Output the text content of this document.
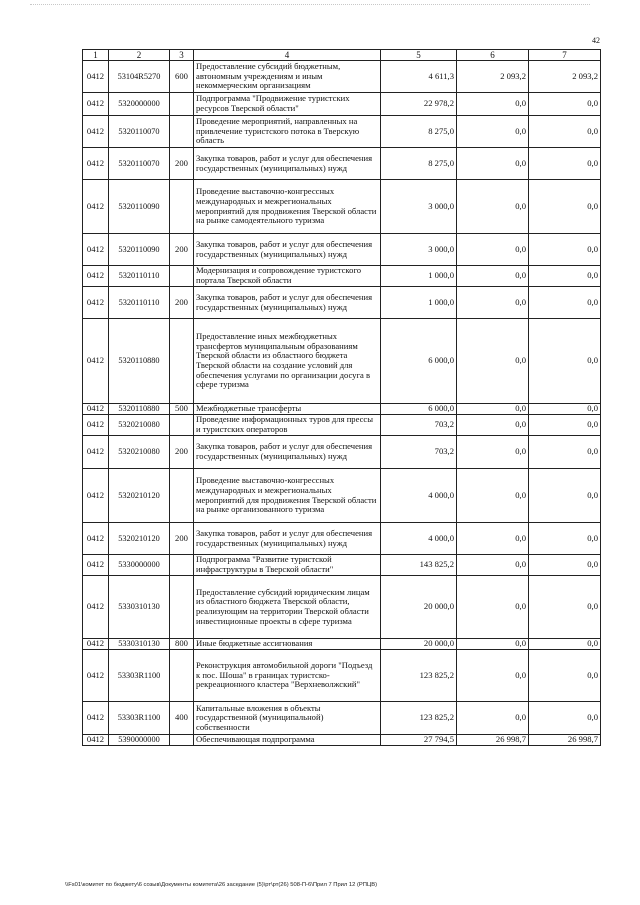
42
1	2	3	4	5	6	7
0412	53104R5270	600	Предоставление субсидий бюджетным, автономным учреждениям и иным некоммерческим организациям	4 611,3	2 093,2	2 093,2
0412	5320000000		Подпрограмма "Продвижение туристских ресурсов Тверской области"	22 978,2	0,0	0,0
0412	5320110070		Проведение мероприятий, направленных на привлечение туристского потока в Тверскую область	8 275,0	0,0	0,0
0412	5320110070	200	Закупка товаров, работ и услуг для обеспечения государственных (муниципальных) нужд	8 275,0	0,0	0,0
0412	5320110090		Проведение выставочно-конгрессных международных и межрегиональных мероприятий для продвижения Тверской области на рынке самодеятельного туризма	3 000,0	0,0	0,0
0412	5320110090	200	Закупка товаров, работ и услуг для обеспечения государственных (муниципальных) нужд	3 000,0	0,0	0,0
0412	5320110110		Модернизация и сопровождение туристского портала Тверской области	1 000,0	0,0	0,0
0412	5320110110	200	Закупка товаров, работ и услуг для обеспечения государственных (муниципальных) нужд	1 000,0	0,0	0,0
0412	5320110880		Предоставление иных межбюджетных трансфертов муниципальным образованиям Тверской области из областного бюджета Тверской области на создание условий для обеспечения услугами по организации досуга в сфере туризма	6 000,0	0,0	0,0
0412	5320110880	500	Межбюджетные трансферты	6 000,0	0,0	0,0
0412	5320210080		Проведение информационных туров для прессы и туристских операторов	703,2	0,0	0,0
0412	5320210080	200	Закупка товаров, работ и услуг для обеспечения государственных (муниципальных) нужд	703,2	0,0	0,0
0412	5320210120		Проведение выставочно-конгрессных международных и межрегиональных мероприятий для продвижения Тверской области на рынке организованного туризма	4 000,0	0,0	0,0
0412	5320210120	200	Закупка товаров, работ и услуг для обеспечения государственных (муниципальных) нужд	4 000,0	0,0	0,0
0412	5330000000		Подпрограмма "Развитие туристской инфраструктуры в Тверской области"	143 825,2	0,0	0,0
0412	5330310130		Предоставление субсидий юридическим лицам из областного бюджета Тверской области, реализующим на территории Тверской области инвестиционные проекты в сфере туризма	20 000,0	0,0	0,0
0412	5330310130	800	Иные бюджетные ассигнования	20 000,0	0,0	0,0
0412	53303R1100		Реконструкция автомобильной дороги "Подъезд к пос. Шоша" в границах туристско-рекреационного кластера "Верхневолжский"	123 825,2	0,0	0,0
0412	53303R1100	400	Капитальные вложения в объекты государственной (муниципальной) собственности	123 825,2	0,0	0,0
0412	5390000000		Обеспечивающая подпрограмма	27 794,5	26 998,7	26 998,7
\\Fs01\комитет по бюджету\6 созыв\Документы комитета\26 заседание (5)\рт\рт(26) 508-П-6\Прил 7 Прил 12 (РПЦВ)
